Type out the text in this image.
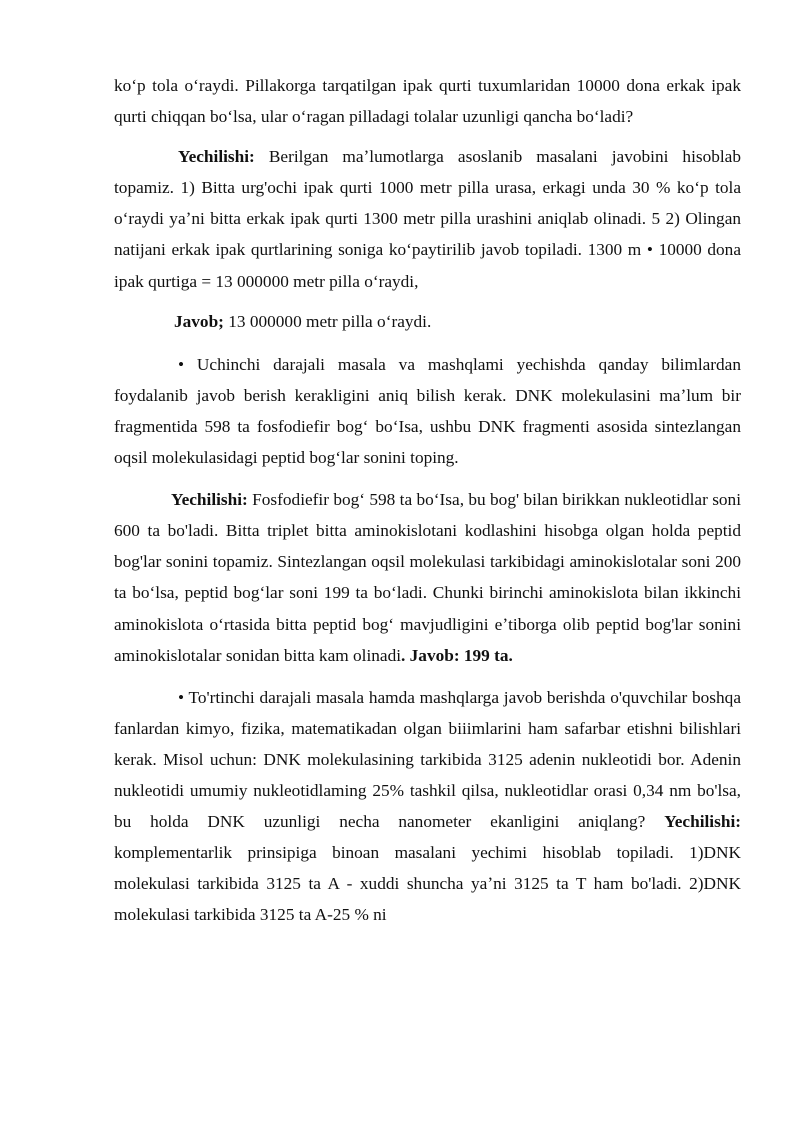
koʻp tola oʻraydi. Pillakorga tarqatilgan ipak qurti tuxumlaridan 10000 dona erkak ipak qurti chiqqan boʻlsa, ular oʻragan pilladagi tolalar uzunligi qancha boʻladi?

Yechilishi: Berilgan maʼlumotlarga asoslanib masalani javobini hisoblab topamiz. 1) Bitta urg'ochi ipak qurti 1000 metr pilla urasa, erkagi unda 30 % koʻp tola oʻraydi yaʼni bitta erkak ipak qurti 1300 metr pilla urashini aniqlab olinadi. 5 2) Olingan natijani erkak ipak qurtlarining soniga koʻpaytirilib javob topiladi. 1300 m • 10000 dona ipak qurtiga = 13 000000 metr pilla oʻraydi,

Javob; 13 000000 metr pilla oʻraydi.

• Uchinchi darajali masala va mashqlami yechishda qanday bilimlardan foydalanib javob berish kerakligini aniq bilish kerak. DNK molekulasini maʼlum bir fragmentida 598 ta fosfodiefir bogʻ boʻIsa, ushbu DNK fragmenti asosida sintezlangan oqsil molekulasidagi peptid bogʻlar sonini toping.

Yechilishi: Fosfodiefir bogʻ 598 ta boʻIsa, bu bog' bilan birikkan nukleotidlar soni 600 ta bo'ladi. Bitta triplet bitta aminokislotani kodlashini hisobga olgan holda peptid bog'lar sonini topamiz. Sintezlangan oqsil molekulasi tarkibidagi aminokislotalar soni 200 ta boʻlsa, peptid bogʻlar soni 199 ta boʻladi. Chunki birinchi aminokislota bilan ikkinchi aminokislota oʻrtasida bitta peptid bogʻ mavjudligini eʼtiborga olib peptid bog'lar sonini aminokislotalar sonidan bitta kam olinadi. Javob: 199 ta.

• To'rtinchi darajali masala hamda mashqlarga javob berishda o'quvchilar boshqa fanlardan kimyo, fizika, matematikadan olgan biiimlarini ham safarbar etishni bilishlari kerak. Misol uchun: DNK molekulasining tarkibida 3125 adenin nukleotidi bor. Adenin nukleotidi umumiy nukleotidlaming 25% tashkil qilsa, nukleotidlar orasi 0,34 nm bo'lsa, bu holda DNK uzunligi necha nanometer ekanligini aniqlang? Yechilishi: komplementarlik prinsipiga binoan masalani yechimi hisoblab topiladi. 1)DNK molekulasi tarkibida 3125 ta A - xuddi shuncha yaʼni 3125 ta T ham bo'ladi. 2)DNK molekulasi tarkibida 3125 ta A-25 % ni
